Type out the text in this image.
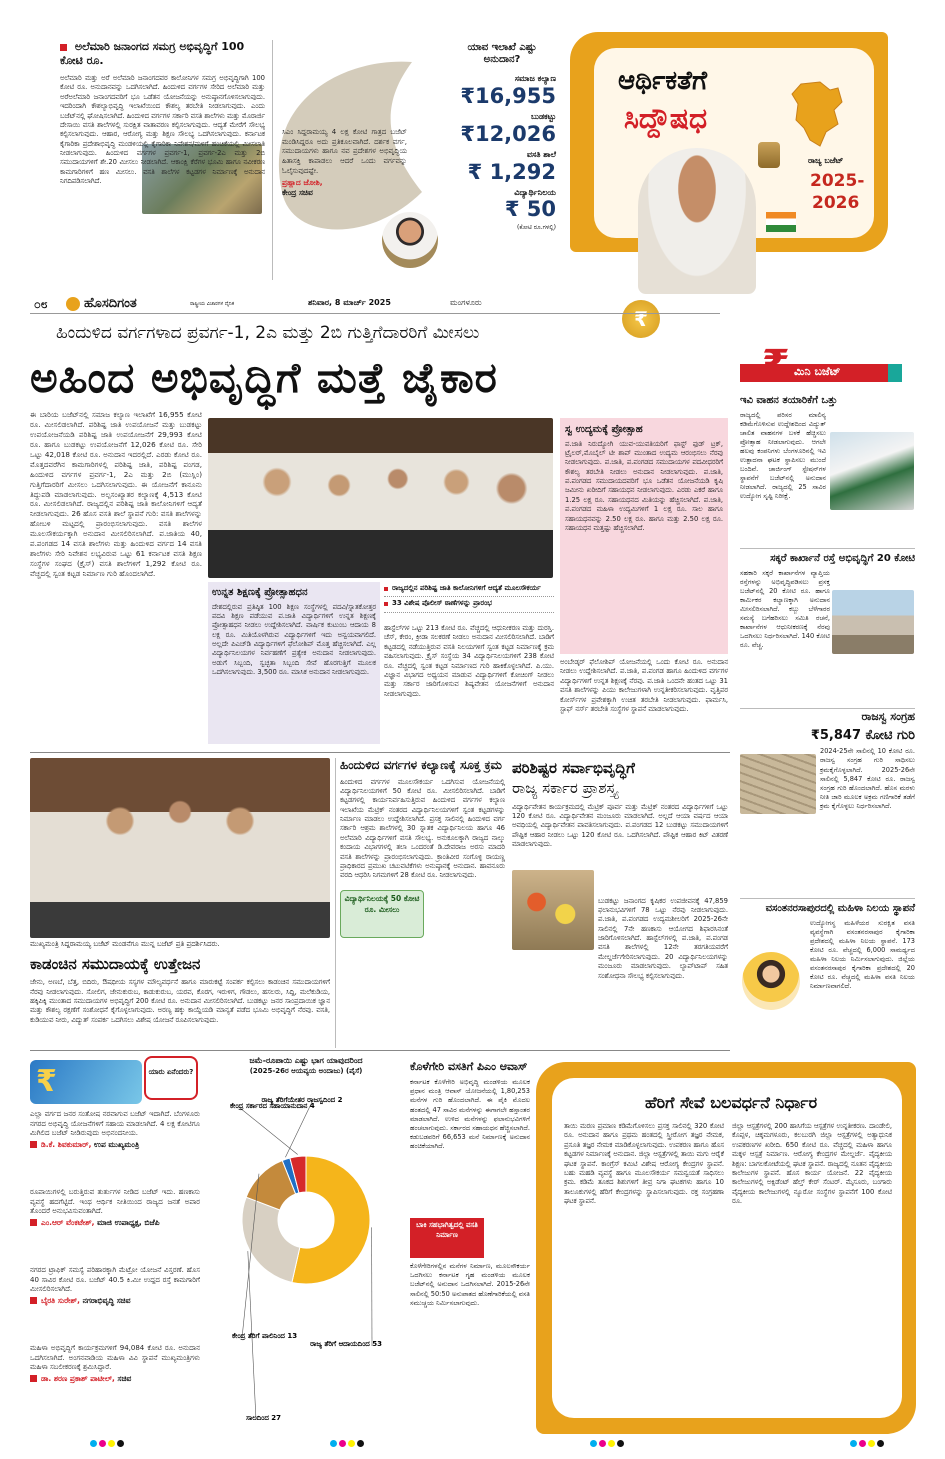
ಅಲೆಮಾರಿ ಜನಾಂಗದ ಸಮಗ್ರ ಅಭಿವೃದ್ಧಿಗೆ 100 ಕೋಟಿ ರೂ.
ಅಲೆಮಾರಿ ಮತ್ತು ಅರೆ ಅಲೆಮಾರಿ ಜನಾಂಗದವರ ಕಾಲೋನಿಗಳ ಸಮಗ್ರ ಅಭಿವೃದ್ಧಿಗಾಗಿ 100 ಕೋಟಿ ರೂ. ಅನುದಾನವನ್ನು ಒದಗಿಸಲಾಗಿದೆ. ಹಿಂದುಳಿದ ವರ್ಗಗಳ ಸೇರಿದ ಅಲೆಮಾರಿ ಮತ್ತು ಅರೆಅಲೆಮಾರಿ ಜನಾಂಗದವರಿಗೆ ಭೂ ಒಡೆತನ ಯೋಜನೆಯನ್ನು ಅನುಷ್ಠಾನಗೊಳಿಸಲಾಗುವುದು. ಇದರಿಂದಾಗಿ ಕೌಶಲ್ಯಾಭಿವೃದ್ಧಿ ಇಲಾಖೆಯಿಂದ ಕೌಶಲ್ಯ ತರಬೇತಿ ನೀಡಲಾಗುವುದು. ಎಂದು ಬಜೆಟ್‌ನಲ್ಲಿ ಘೋಷಿಸಲಾಗಿದೆ. ಹಿಂದುಳಿದ ವರ್ಗಗಳ ಸರ್ಕಾರಿ ವಸತಿ ಶಾಲೆಗಳು ಮತ್ತು ಮೊರಾರ್ಜಿ ದೇಸಾಯಿ ವಸತಿ ಶಾಲೆಗಳಲ್ಲಿ ಸುರಕ್ಷಿತ ವಾತಾವರಣ ಕಲ್ಪಿಸಲಾಗುವುದು. ಆದ್ಯತೆ ಮೇರೆಗೆ ಸೌಲಭ್ಯ ಕಲ್ಪಿಸಲಾಗುವುದು. ಆಹಾರ, ಆರೋಗ್ಯ ಮತ್ತು ಶಿಕ್ಷಣ ಸೌಲಭ್ಯ ಒದಗಿಸಲಾಗುವುದು. ಕರ್ನಾಟಕ ಕೈಗಾರಿಕಾ ಪ್ರದೇಶಾಭಿವೃದ್ಧಿ ಮಂಡಳಿಯಲ್ಲಿ ಕೈಗಾರಿಕಾ ನಿವೇಶನ/ಮಳಿಗೆ ಹಂಚಿಕೆಯಲ್ಲಿ ಮೀಸಲಾತಿ ನೀಡಲಾಗುವುದು. ಹಿಂದುಳಿದ ವರ್ಗಗಳ ಪ್ರವರ್ಗ-1, ಪ್ರವರ್ಗ-2ಎ ಮತ್ತು 2ಬಿ ಸಮುದಾಯಗಳಿಗೆ ಶೇ.20 ಮೀಸಲು ನೀಡಲಾಗಿದೆ. ಆಕಾಂಕ್ಷಿ ಕೆರೆಗಳ ಭೂಮಿ ಹಾಗೂ ನವೀಕರಣ ಕಾಮಗಾರಿಗಳಿಗೆ ಹಣ ಮೀಸಲು. ವಸತಿ ಶಾಲೆಗಳ ಕಟ್ಟಡಗಳ ನಿರ್ಮಾಣಕ್ಕೆ ಅನುದಾನ ನಿಗದಿಪಡಿಸಲಾಗಿದೆ.
ಸಿಎಂ ಸಿದ್ದರಾಮಯ್ಯ 4 ಲಕ್ಷ ಕೋಟಿ ಗಾತ್ರದ ಬಜೆಟ್ ಮಂಡಿಸಿದ್ದರೂ ಅದು ಪ್ರತಿಕೂಲವಾಗಿದೆ. ದರ್ಶಕ ವರ್ಗ, ಸಮುದಾಯಗಳು ಹಾಗೂ ನವ ಪ್ರದೇಶಗಳ ಅಭಿವೃದ್ಧಿಯ ಹಿತಾಸಕ್ತಿ ಕಾಪಾಡಲು ಆದರೆ ಒಂದು ವರ್ಗವನ್ನು ಓಲೈಸುವುದಷ್ಟೇ.
ಪ್ರಹ್ಲಾದ ಜೋಶಿ,
ಕೇಂದ್ರ ಸಚಿವ
ಯಾವ ಇಲಾಖೆ ಎಷ್ಟು ಅನುದಾನ?
ಸಮಾಜ ಕಲ್ಯಾಣ
₹16,955
ಬುಡಕಟ್ಟು
₹12,026
ವಸತಿ ಶಾಲೆ
₹ 1,292
ವಿದ್ಯಾರ್ಥಿನಿಲಯ
₹ 50
(ಕೋಟಿ ರೂ.ಗಳಲ್ಲಿ)
ಆರ್ಥಿಕತೆಗೆ
ಸಿದ್ದೌಷಧ
ರಾಜ್ಯ ಬಜೆಟ್
2025-
2026
₹
೦೮	ಹೊಸದಿಗಂತ	ರಾಷ್ಟ್ರೀಯ ವಿಚಾರಗಳ ದೈನಿಕ	ಶನಿವಾರ, 8 ಮಾರ್ಚ್ 2025	ಮಂಗಳೂರು
ಹಿಂದುಳಿದ ವರ್ಗಗಳಾದ ಪ್ರವರ್ಗ-1, 2ಎ ಮತ್ತು 2ಬಿ ಗುತ್ತಿಗೆದಾರರಿಗೆ ಮೀಸಲು
ಅಹಿಂದ ಅಭಿವೃದ್ಧಿಗೆ ಮತ್ತೆ ಜೈಕಾರ	₹ ಮಿನಿ ಬಜೆಟ್
ಈ ಬಾರಿಯ ಬಜೆಟ್‌ನಲ್ಲಿ ಸಮಾಜ ಕಲ್ಯಾಣ ಇಲಾಖೆಗೆ 16,955 ಕೋಟಿ ರೂ. ಮೀಸಲಿಡಲಾಗಿದೆ. ಪರಿಶಿಷ್ಟ ಜಾತಿ ಉಪಯೋಜನೆ ಮತ್ತು ಬುಡಕಟ್ಟು ಉಪಯೋಜನೆಯಡಿ ಪರಿಶಿಷ್ಟ ಜಾತಿ ಉಪಯೋಜನೆಗೆ 29,993 ಕೋಟಿ ರೂ. ಹಾಗೂ ಬುಡಕಟ್ಟು ಉಪಯೋಜನೆಗೆ 12,026 ಕೋಟಿ ರೂ. ಸೇರಿ ಒಟ್ಟು 42,018 ಕೋಟಿ ರೂ. ಅನುದಾನ ಇದರಲ್ಲಿದೆ. ಎರಡು ಕೋಟಿ ರೂ. ಮೊತ್ತದವರೆಗಿನ ಕಾಮಗಾರಿಗಳಲ್ಲಿ ಪರಿಶಿಷ್ಟ ಜಾತಿ, ಪರಿಶಿಷ್ಟ ಪಂಗಡ, ಹಿಂದುಳಿದ ವರ್ಗಗಳ ಪ್ರವರ್ಗ-1, 2ಎ ಮತ್ತು 2ಬಿ (ಮುಸ್ಲಿಂ) ಗುತ್ತಿಗೆದಾರರಿಗೆ ಮೀಸಲು ಒದಗಿಸಲಾಗುವುದು. ಈ ಯೋಜನೆಗೆ ಕಾನೂನು ತಿದ್ದುಪಡಿ ಮಾಡಲಾಗುವುದು. ಅಲ್ಪಸಂಖ್ಯಾತರ ಕಲ್ಯಾಣಕ್ಕೆ 4,513 ಕೋಟಿ ರೂ. ಮೀಸಲಿಡಲಾಗಿದೆ. ರಾಜ್ಯದಲ್ಲಿನ ಪರಿಶಿಷ್ಟ ಜಾತಿ ಕಾಲೋನಿಗಳಿಗೆ ಆದ್ಯತೆ ನೀಡಲಾಗುವುದು. 26 ಹೊಸ ವಸತಿ ಶಾಲೆ ಸ್ಥಾಪನೆ ಗುರಿ: ವಸತಿ ಶಾಲೆಗಳನ್ನು ಹೋಬಳಿ ಮಟ್ಟದಲ್ಲಿ ಪ್ರಾರಂಭಿಸಲಾಗುವುದು. ವಸತಿ ಶಾಲೆಗಳ ಮೂಲಸೌಕರ್ಯಕ್ಕಾಗಿ ಅನುದಾನ ಮೀಸಲಿರಿಸಲಾಗಿದೆ. ಪ.ಜಾತಿಯ 40, ಪ.ಪಂಗಡದ 14 ವಸತಿ ಶಾಲೆಗಳು ಮತ್ತು ಹಿಂದುಳಿದ ವರ್ಗದ 14 ವಸತಿ ಶಾಲೆಗಳು ಸೇರಿ ನಿವೇಶನ ಲಭ್ಯವಿರುವ ಒಟ್ಟು 61 ಕರ್ನಾಟಕ ವಸತಿ ಶಿಕ್ಷಣ ಸಂಸ್ಥೆಗಳ ಸಂಘದ (ಕ್ರೈಸ್) ವಸತಿ ಶಾಲೆಗಳಿಗೆ 1,292 ಕೋಟಿ ರೂ. ವೆಚ್ಚದಲ್ಲಿ ಸ್ವಂತ ಕಟ್ಟಡ ನಿರ್ಮಾಣ ಗುರಿ ಹೊಂದಲಾಗಿದೆ.
ಉನ್ನತ ಶಿಕ್ಷಣಕ್ಕೆ ಪ್ರೋತ್ಸಾಹಧನ
ದೇಶದಲ್ಲಿರುವ ಪ್ರತಿಷ್ಠಿತ 100 ಶಿಕ್ಷಣ ಸಂಸ್ಥೆಗಳಲ್ಲಿ ಪದವಿ/ಸ್ನಾತಕೋತ್ತರ ಪದವಿ ಶಿಕ್ಷಣ ಪಡೆಯುವ ಪ.ಜಾತಿ ವಿದ್ಯಾರ್ಥಿಗಳಿಗೆ ಉನ್ನತ ಶಿಕ್ಷಣಕ್ಕೆ ಪ್ರೋತ್ಸಾಹಧನ ನೀಡಲು ಉದ್ದೇಶಿಸಲಾಗಿದೆ. ವಾರ್ಷಿಕ ಕುಟುಂಬ ಆದಾಯ 8 ಲಕ್ಷ ರೂ. ಮಿತಿಯೊಳಗಿರುವ ವಿದ್ಯಾರ್ಥಿಗಳಿಗೆ ಇದು ಅನ್ವಯವಾಗಲಿದೆ. ಅಲ್ಲದೇ ಪಿಎಚ್‌ಡಿ ವಿದ್ಯಾರ್ಥಿಗಳಿಗೆ ಫೆಲೋಶಿಪ್ ಮೊತ್ತ ಹೆಚ್ಚಿಸಲಾಗಿದೆ. ಎಲ್ಲ ವಿದ್ಯಾರ್ಥಿನಿಲಯಗಳ ನಿರ್ವಹಣೆಗೆ ಪ್ರತ್ಯೇಕ ಅನುದಾನ ನೀಡಲಾಗುವುದು. ಅಡುಗೆ ಸಿಬ್ಬಂದಿ, ಸ್ವಚ್ಛತಾ ಸಿಬ್ಬಂದಿ ಸೇವೆ ಹೊರಗುತ್ತಿಗೆ ಮೂಲಕ ಒದಗಿಸಲಾಗುವುದು. 3,500 ರೂ. ಮಾಸಿಕ ಅನುದಾನ ನೀಡಲಾಗುವುದು.
ರಾಜ್ಯದಲ್ಲಿನ ಪರಿಶಿಷ್ಟ ಜಾತಿ ಕಾಲೋನಿಗಳಿಗೆ ಆದ್ಯತೆ ಮೂಲಸೌಕರ್ಯ
33 ವಿಶೇಷ ಪೊಲೀಸ್ ಠಾಣೆಗಳನ್ನು ಪ್ರಾರಂಭ
ಹಾಸ್ಟೆಲ್‌ಗಳ ಒಟ್ಟು 213 ಕೋಟಿ ರೂ. ವೆಚ್ಚದಲ್ಲಿ ಆಧುನೀಕರಣ ಮತ್ತು ದುರಸ್ತಿ. ಚೆಸ್, ಕೇರಂ, ಕ್ರೀಡಾ ಸಲಕರಣೆ ನೀಡಲು ಅನುದಾನ ಮೀಸಲಿರಿಸಲಾಗಿದೆ. ಬಾಡಿಗೆ ಕಟ್ಟಡದಲ್ಲಿ ನಡೆಯುತ್ತಿರುವ ವಸತಿ ನಿಲಯಗಳಿಗೆ ಸ್ವಂತ ಕಟ್ಟಡ ನಿರ್ಮಾಣಕ್ಕೆ ಕ್ರಮ ವಹಿಸಲಾಗುವುದು. ಕ್ರೈಸ್ ಸಂಸ್ಥೆಯ 34 ವಿದ್ಯಾರ್ಥಿನಿಲಯಗಳಿಗೆ 238 ಕೋಟಿ ರೂ. ವೆಚ್ಚದಲ್ಲಿ ಸ್ವಂತ ಕಟ್ಟಡ ನಿರ್ಮಾಣದ ಗುರಿ ಹಾಕಿಕೊಳ್ಳಲಾಗಿದೆ. ಪಿ.ಯು. ವಿಜ್ಞಾನ ವಿಭಾಗದ ಅಧ್ಯಯನ ಮಾಡುವ ವಿದ್ಯಾರ್ಥಿಗಳಿಗೆ ಕೋಚಿಂಗ್ ನೀಡಲು ಮತ್ತು ಸರ್ಕಾರ ಜಾರಿಗೊಳಿಸುವ ಶಿಷ್ಯವೇತನ ಯೋಜನೆಗಳಿಗೆ ಅನುದಾನ ನೀಡಲಾಗುವುದು.
ಸ್ವ ಉದ್ಯಮಕ್ಕೆ ಪ್ರೋತ್ಸಾಹ
ಪ.ಜಾತಿ ನಿರುದ್ಯೋಗಿ ಯುವ-ಯುವತಿಯರಿಗೆ ಫಾಸ್ಟ್ ಫುಡ್ ಟ್ರಕ್, ಟ್ರೈಲರ್,ಮೊಬೈಲ್ ಟೀ ಶಾಪ್ ಮುಂತಾದ ಉದ್ಯಮ ಆರಂಭಿಸಲು ನೆರವು ನೀಡಲಾಗುವುದು. ಪ.ಜಾತಿ, ಪ.ಪಂಗಡದ ಸಮುದಾಯಗಳ ಪದವೀಧರರಿಗೆ ಕೌಶಲ್ಯ ತರಬೇತಿ ನೀಡಲು ಅನುದಾನ ನೀಡಲಾಗುವುದು. ಪ.ಜಾತಿ, ಪ.ಪಂಗಡದ ಸಮುದಾಯದವರಿಗೆ ಭೂ ಒಡೆತನ ಯೋಜನೆಯಡಿ ಕೃಷಿ ಜಮೀನು ಖರೀದಿಗೆ ಸಹಾಯಧನ ನೀಡಲಾಗುವುದು. ಎರಡು ಎಕರೆ ಹಾಗೂ 1.25 ಲಕ್ಷ ರೂ. ಸಹಾಯಧನದ ಮಿತಿಯನ್ನು ಹೆಚ್ಚಿಸಲಾಗಿದೆ. ಪ.ಜಾತಿ, ಪ.ಪಂಗಡದ ಮಹಿಳಾ ಉದ್ಯಮಿಗಳಿಗೆ 1 ಲಕ್ಷ ರೂ. ಸಾಲ ಹಾಗೂ ಸಹಾಯಧನವನ್ನು 2.50 ಲಕ್ಷ ರೂ. ಹಾಗೂ ಮತ್ತು 2.50 ಲಕ್ಷ ರೂ. ಸಹಾಯಧನ ಮತ್ತಷ್ಟು ಹೆಚ್ಚಿಸಲಾಗಿದೆ.
ಅಂಬೇಡ್ಕರ್ ಫೆಲೋಶಿಪ್ ಯೋಜನೆಯಲ್ಲಿ ಒಂದು ಕೋಟಿ ರೂ. ಅನುದಾನ ನೀಡಲು ಉದ್ದೇಶಿಸಲಾಗಿದೆ. ಪ.ಜಾತಿ, ಪ.ಪಂಗಡ ಹಾಗೂ ಹಿಂದುಳಿದ ವರ್ಗಗಳ ವಿದ್ಯಾರ್ಥಿಗಳಿಗೆ ಉನ್ನತ ಶಿಕ್ಷಣಕ್ಕೆ ನೆರವು. ಪ.ಜಾತಿ ಒಂದನೇ ಹಂತದ ಒಟ್ಟು 31 ವಸತಿ ಶಾಲೆಗಳನ್ನು ಪಿಯು ಕಾಲೇಜುಗಳಾಗಿ ಉನ್ನತೀಕರಿಸಲಾಗುವುದು. ವೃತ್ತಿಪರ ಕೋರ್ಸ್‌ಗಳ ಪ್ರವೇಶಕ್ಕಾಗಿ ಉಚಿತ ತರಬೇತಿ ನೀಡಲಾಗುವುದು. ಫಾರ್ಮಸಿ, ಸ್ಟಾಫ್ ನರ್ಸ್ ತರಬೇತಿ ಸಂಸ್ಥೆಗಳ ಸ್ಥಾಪನೆ ಮಾಡಲಾಗುವುದು.
ಇವಿ ವಾಹನ ತಯಾರಿಕೆಗೆ ಒತ್ತು
ರಾಜ್ಯದಲ್ಲಿ ಪರಿಸರ ಮಾಲಿನ್ಯ ಕಡಿಮೆಗೊಳಿಸುವ ಉದ್ದೇಶದಿಂದ ವಿದ್ಯುತ್ ಚಾಲಿತ ವಾಹನಗಳ ಬಳಕೆ ಹೆಚ್ಚಿಸಲು ಪ್ರೋತ್ಸಾಹ ನೀಡಲಾಗುವುದು. ಆಗಲೇ ಹಲವು ಕಂಪನಿಗಳು ಬೆಂಗಳೂರಿನಲ್ಲಿ ಇವಿ ಉತ್ಪಾದನಾ ಘಟಕ ಸ್ಥಾಪಿಸಲು ಮುಂದೆ ಬಂದಿವೆ. ಚಾರ್ಜಿಂಗ್ ಸ್ಟೇಷನ್‌ಗಳ ಸ್ಥಾಪನೆಗೆ ಬಜೆಟ್‌ನಲ್ಲಿ ಅನುದಾನ ನೀಡಲಾಗಿದೆ. ರಾಜ್ಯದಲ್ಲಿ 25 ಸಾವಿರ ಉದ್ಯೋಗ ಸೃಷ್ಟಿ ನಿರೀಕ್ಷೆ.
ಸಕ್ಕರೆ ಕಾರ್ಖಾನೆ ರಸ್ತೆ ಅಭಿವೃದ್ಧಿಗೆ 20 ಕೋಟಿ
ಸಹಕಾರಿ ಸಕ್ಕರೆ ಕಾರ್ಖಾನೆಗಳ ವ್ಯಾಪ್ತಿಯ ರಸ್ತೆಗಳನ್ನು ಅಭಿವೃದ್ಧಿಪಡಿಸಲು ಪ್ರಸಕ್ತ ಬಜೆಟ್‌ನಲ್ಲಿ 20 ಕೋಟಿ ರೂ. ಹಾಗೂ ಕಾರ್ಮಿಕರ ಕಲ್ಯಾಣಕ್ಕಾಗಿ ಅನುದಾನ ಮೀಸಲಿರಿಸಲಾಗಿದೆ. ಕಬ್ಬು ಬೆಳೆಗಾರರ ಸಮಸ್ಯೆ ಬಗೆಹರಿಸಲು ಸಮಿತಿ ರಚನೆ, ಕಾರ್ಖಾನೆಗಳ ಆಧುನೀಕರಣಕ್ಕೆ ನೆರವು ಒದಗಿಸಲು ನಿರ್ಧರಿಸಲಾಗಿದೆ. 140 ಕೋಟಿ ರೂ. ವೆಚ್ಚ.
ರಾಜಸ್ವ ಸಂಗ್ರಹ
₹5,847 ಕೋಟಿ ಗುರಿ
2024-25ನೇ ಸಾಲಿನಲ್ಲಿ 10 ಕೋಟಿ ರೂ. ರಾಜಸ್ವ ಸಂಗ್ರಹ ಗುರಿ ಸಾಧಿಸಲು ಕ್ರಮಕೈಗೊಳ್ಳಲಾಗಿದೆ. 2025-26ನೇ ಸಾಲಿನಲ್ಲಿ 5,847 ಕೋಟಿ ರೂ. ರಾಜಸ್ವ ಸಂಗ್ರಹ ಗುರಿ ಹೊಂದಲಾಗಿದೆ. ಹೊಸ ಮರಳು ನೀತಿ ಜಾರಿ ಮೂಲಕ ಅಕ್ರಮ ಗಣಿಗಾರಿಕೆ ತಡೆಗೆ ಕ್ರಮ ಕೈಗೊಳ್ಳಲು ನಿರ್ಧರಿಸಲಾಗಿದೆ.
ವಸಂತನರಸಾಪುರದಲ್ಲಿ ಮಹಿಳಾ ನಿಲಯ ಸ್ಥಾಪನೆ
ಉದ್ಯೋಗಸ್ಥ ಮಹಿಳೆಯರ ಸುರಕ್ಷಿತ ವಸತಿ ವ್ಯವಸ್ಥೆಗಾಗಿ ವಸಂತನರಸಾಪುರ ಕೈಗಾರಿಕಾ ಪ್ರದೇಶದಲ್ಲಿ ಮಹಿಳಾ ನಿಲಯ ಸ್ಥಾಪನೆ. 173 ಕೋಟಿ ರೂ. ವೆಚ್ಚದಲ್ಲಿ 6,000 ಸಾಮರ್ಥ್ಯದ ಮಹಿಳಾ ನಿಲಯ ನಿರ್ಮಿಸಲಾಗುವುದು. ಜಿಲ್ಲೆಯ ವಸಂತನರಸಾಪುರ ಕೈಗಾರಿಕಾ ಪ್ರದೇಶದಲ್ಲಿ 20 ಕೋಟಿ ರೂ. ವೆಚ್ಚದಲ್ಲಿ ಮಹಿಳಾ ವಸತಿ ನಿಲಯ ನಿರ್ಮಾಣವಾಗಲಿದೆ.
ಮುಖ್ಯಮಂತ್ರಿ ಸಿದ್ದರಾಮಯ್ಯ ಬಜೆಟ್ ಮಂಡನೆಗೂ ಮುನ್ನ ಬಜೆಟ್ ಪ್ರತಿ ಪ್ರದರ್ಶಿಸಿದರು.
ಕಾಡಂಚಿನ ಸಮುದಾಯಕ್ಕೆ ಉತ್ತೇಜನ
ಜೇನು, ಅಣಬೆ, ಬೆತ್ತ, ಬಿದಿರು, ಔಷಧೀಯ ಸಸ್ಯಗಳ ಮೌಲ್ಯವರ್ಧನೆ ಹಾಗೂ ಮಾರುಕಟ್ಟೆ ಸಂಪರ್ಕ ಕಲ್ಪಿಸಲು ಕಾಡಂಚಿನ ಸಮುದಾಯಗಳಿಗೆ ನೆರವು ನೀಡಲಾಗುವುದು. ಸೋಲಿಗ, ಜೇನುಕುರುಬ, ಕಾಡುಕುರುಬ, ಯರವ, ಕೊರಗ, ಇರುಳಿಗ, ಗೌಡಲು, ಹಸಲರು, ಸಿದ್ದಿ, ಮಲೆಕುಡಿಯ, ಹಕ್ಕಿಪಿಕ್ಕಿ ಮುಂತಾದ ಸಮುದಾಯಗಳ ಅಭಿವೃದ್ಧಿಗೆ 200 ಕೋಟಿ ರೂ. ಅನುದಾನ ಮೀಸಲಿರಿಸಲಾಗಿದೆ. ಬುಡಕಟ್ಟು ಜನರ ಸಾಂಪ್ರದಾಯಿಕ ಜ್ಞಾನ ಮತ್ತು ಕೌಶಲ್ಯ ರಕ್ಷಣೆಗೆ ಸಂಶೋಧನೆ ಕೈಗೊಳ್ಳಲಾಗುವುದು. ಅರಣ್ಯ ಹಕ್ಕು ಕಾಯ್ದೆಯಡಿ ಮಾನ್ಯತೆ ಪಡೆದ ಭೂಮಿ ಅಭಿವೃದ್ಧಿಗೆ ನೆರವು. ವಸತಿ, ಕುಡಿಯುವ ನೀರು, ವಿದ್ಯುತ್ ಸಂಪರ್ಕ ಒದಗಿಸಲು ವಿಶೇಷ ಯೋಜನೆ ರೂಪಿಸಲಾಗುವುದು.
ಹಿಂದುಳಿದ ವರ್ಗಗಳ ಕಲ್ಯಾಣಕ್ಕೆ ಸೂಕ್ತ ಕ್ರಮ
ಹಿಂದುಳಿದ ವರ್ಗಗಳ ಮೂಲಸೌಕರ್ಯ ಒದಗಿಸುವ ಯೋಜನೆಯಲ್ಲಿ ವಿದ್ಯಾರ್ಥಿನಿಲಯಗಳಿಗೆ 50 ಕೋಟಿ ರೂ. ಮೀಸಲಿರಿಸಲಾಗಿದೆ. ಬಾಡಿಗೆ ಕಟ್ಟಡಗಳಲ್ಲಿ ಕಾರ್ಯನಿರ್ವಹಿಸುತ್ತಿರುವ ಹಿಂದುಳಿದ ವರ್ಗಗಳ ಕಲ್ಯಾಣ ಇಲಾಖೆಯ ಮೆಟ್ರಿಕ್ ನಂತರದ ವಿದ್ಯಾರ್ಥಿನಿಲಯಗಳಿಗೆ ಸ್ವಂತ ಕಟ್ಟಡಗಳನ್ನು ನಿರ್ಮಾಣ ಮಾಡಲು ಉದ್ದೇಶಿಸಲಾಗಿದೆ. ಪ್ರಸಕ್ತ ಸಾಲಿನಲ್ಲಿ ಹಿಂದುಳಿದ ವರ್ಗ ಸರ್ಕಾರಿ ಆಶ್ರಮ ಶಾಲೆಗಳಲ್ಲಿ 30 ಸ್ನಾತಕ ವಿದ್ಯಾರ್ಥಿನಿಲಯ ಹಾಗೂ 46 ಅಲೆಮಾರಿ ವಿದ್ಯಾರ್ಥಿಗಳಿಗೆ ವಸತಿ ಸೌಲಭ್ಯ. ಅನುಕೂಲಕ್ಕಾಗಿ ರಾಜ್ಯದ ನಾಲ್ಕು ಕಂದಾಯ ವಿಭಾಗಗಳಲ್ಲಿ ತಲಾ ಒಂದರಂತೆ ಡಿ.ದೇವರಾಜ ಅರಸು ಮಾದರಿ ವಸತಿ ಶಾಲೆಗಳನ್ನು ಪ್ರಾರಂಭಿಸಲಾಗುವುದು. ಕ್ರಾಂತಿವೀರ ಸಂಗೊಳ್ಳಿ ರಾಯಣ್ಣ ಪ್ರಾಧಿಕಾರದ ಪ್ರಮುಖ ಚಟುವಟಿಕೆಗಳು ಅನುಷ್ಠಾನಕ್ಕೆ ಅನುದಾನ. ಹಾವನೂರು ವರದಿ ಆಧರಿಸಿ ನಿಗಮಗಳಿಗೆ 28 ಕೋಟಿ ರೂ. ನೀಡಲಾಗುವುದು.
ವಿದ್ಯಾರ್ಥಿನಿಲಯಕ್ಕೆ 50 ಕೋಟಿ ರೂ. ಮೀಸಲು
ಪರಿಶಿಷ್ಟರ ಸರ್ವಾಭಿವೃದ್ಧಿಗೆ
ರಾಜ್ಯ ಸರ್ಕಾರ ಪ್ರಾಶಸ್ತ್ಯ
ವಿದ್ಯಾರ್ಥಿವೇತನ ಕಾರ್ಯಕ್ರಮದಲ್ಲಿ ಮೆಟ್ರಿಕ್ ಪೂರ್ವ ಮತ್ತು ಮೆಟ್ರಿಕ್ ನಂತರದ ವಿದ್ಯಾರ್ಥಿಗಳಿಗೆ ಒಟ್ಟು 120 ಕೋಟಿ ರೂ. ವಿದ್ಯಾರ್ಥಿವೇತನ ಮಂಜೂರು ಮಾಡಲಾಗಿದೆ. ಅಲ್ಲದೆ ಆಯಾ ವರ್ಷದ ಆಯಾ ಅವಧಿಯಲ್ಲಿ ವಿದ್ಯಾರ್ಥಿವೇತನ ಪಾವತಿಸಲಾಗುವುದು. ಪ.ಪಂಗಡದ 12 ಬುಡಕಟ್ಟು ಸಮುದಾಯಗಳಿಗೆ ಪೌಷ್ಟಿಕ ಆಹಾರ ನೀಡಲು ಒಟ್ಟು 120 ಕೋಟಿ ರೂ. ಒದಗಿಸಲಾಗಿದೆ. ಪೌಷ್ಟಿಕ ಆಹಾರ ಕಿಟ್ ವಿತರಣೆ ಮಾಡಲಾಗುವುದು.
ಬುಡಕಟ್ಟು ಜನಾಂಗದ ಕೃಷಿಕರ ಉಪಜೀವನಕ್ಕೆ 47,859 ಫಲಾನುಭವಿಗಳಿಗೆ 78 ಒಟ್ಟು ನೆರವು ನೀಡಲಾಗುವುದು. ಪ.ಜಾತಿ, ಪ.ಪಂಗಡದ ಉದ್ಯಮಶೀಲರಿಗೆ 2025-26ನೇ ಸಾಲಿನಲ್ಲಿ 7ನೇ ಹಣಕಾಸು ಆಯೋಗದ ಶಿಫಾರಸಿನಂತೆ ಜಾರಿಗೊಳಿಸಲಾಗಿದೆ. ಹಾಸ್ಟೆಲ್‌ಗಳಲ್ಲಿ ಪ.ಜಾತಿ, ಪ.ಪಂಗಡ ವಸತಿ ಶಾಲೆಗಳಲ್ಲಿ 12ನೇ ತರಗತಿಯವರೆಗೆ ಮೇಲ್ದರ್ಜೆಗೇರಿಸಲಾಗುವುದು. 20 ವಿದ್ಯಾರ್ಥಿನಿಲಯಗಳನ್ನು ಮಂಜೂರು ಮಾಡಲಾಗುವುದು. ಲ್ಯಾಪ್‌ಟಾಪ್ ಸಹಿತ ಸಂಶೋಧನಾ ಸೌಲಭ್ಯ ಕಲ್ಪಿಸಲಾಗುವುದು.
₹	ಯಾರು ಏನೆಂದರು?
ಎಲ್ಲಾ ವರ್ಗದ ಜನರ ಸಂತೋಷ ನರವಾಗುವ ಬಜೆಟ್ ಇದಾಗಿದೆ. ಬೆಂಗಳೂರು ನಗರದ ಅಭಿವೃದ್ಧಿ ಯೋಜನೆಗಳಿಗೆ ಸಹಾಯ ಮಾಡಲಾಗಿದೆ. 4 ಲಕ್ಷ ಕೋಟಿಗೂ ಮಿಗಿಲಿದ ಬಜೆಟ್ ನೀಡಿರುವುದು ಅಭಿನಂದನೀಯ.
ಡಿ.ಕೆ. ಶಿವಕುಮಾರ್, ಉಪ ಮುಖ್ಯಮಂತ್ರಿ
ರೂಪಾಯಿಗಳಲ್ಲಿ ಬರುತ್ತಿರುವ ತುರ್ತುಗಳ ನೀಡಿದ ಬಜೆಟ್ ಇದು. ಹಣಕಾಸು ವ್ಯವಸ್ಥೆ ಹದಗೆಟ್ಟಿದೆ. ಇಂಥ ಆರ್ಥಿಕ ನೀತಿಯಿಂದ ರಾಜ್ಯದ ಜನತೆ ಅಪಾರ ತೊಂದರೆ ಅನುಭವಿಸುವಂತಾಗಿದೆ.
ಎಂ.ಆರ್ ವೆಂಕಟೇಶ್, ಮಾಜಿ ಉಪಾಧ್ಯಕ್ಷ, ಬಿಜೆಪಿ
ನಗರದ ಟ್ರಾಫಿಕ್ ಸಮಸ್ಯೆ ಪರಿಹಾರಕ್ಕಾಗಿ ಮೆಟ್ರೋ ಯೋಜನೆ ವಿಸ್ತರಣೆ. ಹೊಸ 40 ಸಾವಿರ ಕೋಟಿ ರೂ. ಬಜೆಟ್ 40.5 ಕಿ.ಮೀ ಉದ್ದದ ರಸ್ತೆ ಕಾಮಗಾರಿಗೆ ಮೀಸಲಿರಿಸಲಾಗಿದೆ.
ಬೈರತಿ ಸುರೇಶ್, ನಗರಾಭಿವೃದ್ಧಿ ಸಚಿವ
ಮಹಿಳಾ ಅಭಿವೃದ್ಧಿಗೆ ಕಾರ್ಯಕ್ರಮಗಳಿಗೆ 94,084 ಕೋಟಿ ರೂ. ಅನುದಾನ ಒದಗಿಸಲಾಗಿದೆ. ಅಂಗನವಾಡಿಯ ಮಹಿಳಾ ವಿವಿ ಸ್ಥಾಪನೆ ಮುಖ್ಯಮಂತ್ರಿಗಳು ಮಹಿಳಾ ಸಬಲೀಕರಣಕ್ಕೆ ಶ್ರಮಿಸಿದ್ದಾರೆ.
ಡಾ. ಶರಣ ಪ್ರಕಾಶ್ ಪಾಟೀಲ್, ಸಚಿವ
ಜಮೆ-ರೂಪಾಯಿ ಎಷ್ಟು ಭಾಗ ಯಾವುದರಿಂದ
(2025-26ರ ಆಯವ್ಯಯ ಅಂದಾಜು) (ಪೈಸೆ)
ರಾಜ್ಯ ತೆರಿಗೆಯೇತರ ರಾಜಸ್ವದಿಂದ 2
ಕೇಂದ್ರ ಸರ್ಕಾರದ ಸಹಾಯಾನುದಾನ 4
ರಾಜ್ಯ ತೆರಿಗೆ ಆದಾಯದಿಂದ 53
ಸಾಲದಿಂದ 27
ಕೇಂದ್ರ ತೆರಿಗೆ ಪಾಲಿನಿಂದ 13
ಕೊಳೆಗೇರಿ ವಸತಿಗೆ ಪಿಎಂ ಆವಾಸ್
ಕರ್ನಾಟಕ ಕೊಳೆಗೇರಿ ಅಭಿವೃದ್ಧಿ ಮಂಡಳಿಯ ಮೂಲಕ ಪ್ರಧಾನ ಮಂತ್ರಿ ಆವಾಸ್ ಯೋಜನೆಯಲ್ಲಿ 1,80,253 ಮನೆಗಳ ಗುರಿ ಹೊಂದಲಾಗಿದೆ. ಈ ಪೈಕಿ ಮೊದಲ ಹಂತದಲ್ಲಿ 47 ಸಾವಿರ ಮನೆಗಳನ್ನು ಈಗಾಗಲೇ ಹಸ್ತಾಂತರ ಮಾಡಲಾಗಿದೆ. ಉಳಿದ ಮನೆಗಳನ್ನು ಫಲಾನುಭವಿಗಳಿಗೆ ಹಂಚಲಾಗುವುದು. ಸರ್ಕಾರದ ಸಹಾಯಧನ ಹೆಚ್ಚಿಸಲಾಗಿದೆ. ಕಡುಬಡವರಿಗೆ 66,653 ಮನೆ ನಿರ್ಮಾಣಕ್ಕೆ ಅನುದಾನ ಹಂಚಿಕೆಯಾಗಿದೆ.
ಬಾಕಿ ಸಹಭಾಗಿತ್ವದಲ್ಲಿ ವಸತಿ ನಿರ್ಮಾಣ
ಕೊಳೆಗೇರಿಗಳಲ್ಲಿನ ಮನೆಗಳ ನಿರ್ಮಾಣ, ಮೂಲಸೌಕರ್ಯ ಒದಗಿಸಲು ಕರ್ನಾಟಕ ಗೃಹ ಮಂಡಳಿಯ ಮೂಲಕ ಬಜೆಟ್‌ನಲ್ಲಿ ಅನುದಾನ ಒದಗಿಸಲಾಗಿದೆ. 2015-26ನೇ ಸಾಲಿನಲ್ಲಿ 50:50 ಅನುಪಾತದ ಹೊಣೆಗಾರಿಕೆಯಲ್ಲಿ ವಸತಿ ಸಮುಚ್ಚಯ ನಿರ್ಮಿಸಲಾಗುವುದು.
ಹೆರಿಗೆ ಸೇವೆ ಬಲವರ್ಧನೆ ನಿರ್ಧಾರ
ತಾಯಿ ಮರಣ ಪ್ರಮಾಣ ಕಡಿಮೆಗೊಳಿಸಲು ಪ್ರಸಕ್ತ ಸಾಲಿನಲ್ಲಿ 320 ಕೋಟಿ ರೂ. ಅನುದಾನ ಹಾಗೂ ಪ್ರಥಮ ಹಂತದಲ್ಲಿ ಸ್ತ್ರೀರೋಗ ತಜ್ಞರ ನೇಮಕ, ಪ್ರಸೂತಿ ತಜ್ಞರ ನೇಮಕ ಮಾಡಿಕೊಳ್ಳಲಾಗುವುದು. ಉಪಕರಣ ಹಾಗೂ ಹೊಸ ಕಟ್ಟಡಗಳ ನಿರ್ಮಾಣಕ್ಕೆ ಅನುದಾನ. ಜಿಲ್ಲಾ ಆಸ್ಪತ್ರೆಗಳಲ್ಲಿ ತಾಯಿ ಮಗು ಆರೈಕೆ ಘಟಕ ಸ್ಥಾಪನೆ. ಕಾಂಗ್ರೆಸ್ ಕಮಿಟಿ ವಿಶೇಷ ಆರೋಗ್ಯ ಕೇಂದ್ರಗಳ ಸ್ಥಾಪನೆ. ಬಹು ಮಹಡಿ ವ್ಯವಸ್ಥೆ ಹಾಗೂ ಮೂಲಸೌಕರ್ಯ ಸಮನ್ವಯತೆ ಸಾಧಿಸಲು ಕ್ರಮ. ಕಡಿಮೆ ತೂಕದ ಶಿಶುಗಳಿಗೆ ತೀವ್ರ ನಿಗಾ ಘಟಕಗಳು ಹಾಗೂ 10 ತಾಲೂಕುಗಳಲ್ಲಿ ಹೆರಿಗೆ ಕೇಂದ್ರಗಳನ್ನು ಸ್ಥಾಪಿಸಲಾಗುವುದು. ರಕ್ತ ಸಂಗ್ರಹಣಾ ಘಟಕ ಸ್ಥಾಪನೆ.
ಜಿಲ್ಲಾ ಆಸ್ಪತ್ರೆಗಳಲ್ಲಿ 200 ಹಾಸಿಗೆಯ ಆಸ್ಪತ್ರೆಗಳ ಉನ್ನತೀಕರಣ. ದಾಂಡೇಲಿ, ಕೊಪ್ಪಳ, ಚಿಕ್ಕಮಗಳೂರು, ಕಲಬುರಗಿ ಜಿಲ್ಲಾ ಆಸ್ಪತ್ರೆಗಳಲ್ಲಿ ಅತ್ಯಾಧುನಿಕ ಉಪಕರಣಗಳ ಖರೀದಿ. 650 ಕೋಟಿ ರೂ. ವೆಚ್ಚದಲ್ಲಿ ಮಹಿಳಾ ಹಾಗೂ ಮಕ್ಕಳ ಆಸ್ಪತ್ರೆ ನಿರ್ಮಾಣ. ಆರೋಗ್ಯ ಕೇಂದ್ರಗಳ ಮೇಲ್ದರ್ಜೆ. ವೈದ್ಯಕೀಯ ಶಿಕ್ಷಣ: ಬಾಗಲಕೋಟೆಯಲ್ಲಿ ಘಟಕ ಸ್ಥಾಪನೆ. ರಾಜ್ಯದಲ್ಲಿ ನೂತನ ವೈದ್ಯಕೀಯ ಕಾಲೇಜುಗಳ ಸ್ಥಾಪನೆ. ಹೊಸ ಕಾರ್ಯ ಯೋಜನೆ. 22 ವೈದ್ಯಕೀಯ ಕಾಲೇಜುಗಳಲ್ಲಿ ಅಕ್ಸಿಡೆಂಟ್ ಹೆಲ್ತ್ ಕೇರ್ ಸೆಂಟರ್. ಮೈಸೂರು, ಬಂಗಾರು ವೈದ್ಯಕೀಯ ಕಾಲೇಜುಗಳಲ್ಲಿ ನ್ಯೂರೋ ಸಂಸ್ಥೆಗಳ ಸ್ಥಾಪನೆಗೆ 100 ಕೋಟಿ ರೂ.
